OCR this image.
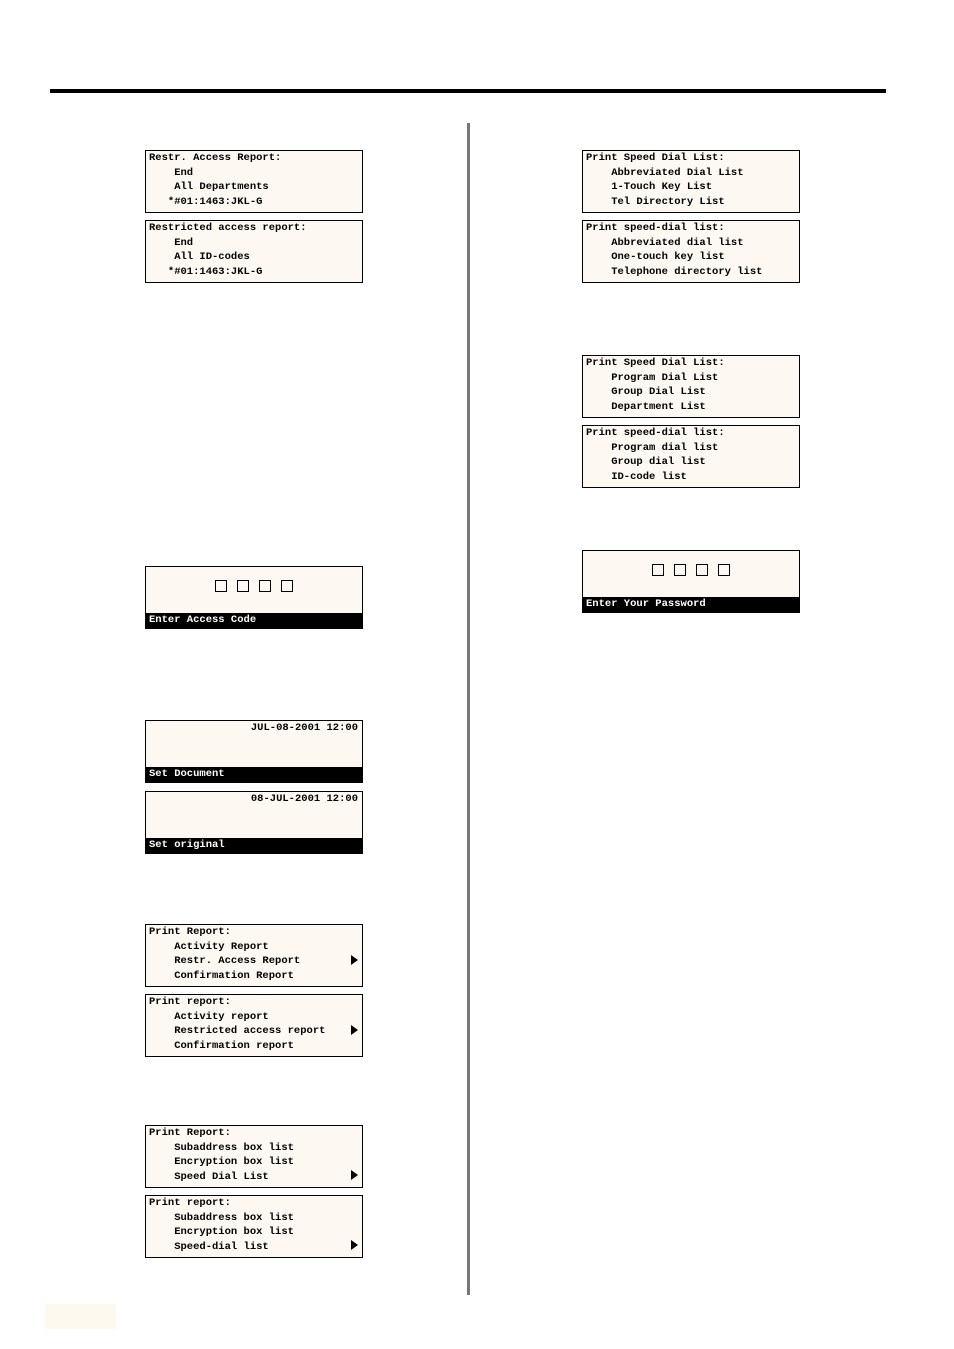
Restr. Access Report:
End
All Departments
*#01:1463:JKL-G
Restricted access report:
End
All ID-codes
*#01:1463:JKL-G
Enter Access Code
JUL-08-2001 12:00
Set Document
08-JUL-2001 12:00
Set original
Print Report:
Activity Report
Restr. Access Report
Confirmation Report
Print report:
Activity report
Restricted access report
Confirmation report
Print Report:
Subaddress box list
Encryption box list
Speed Dial List
Print report:
Subaddress box list
Encryption box list
Speed-dial list
Print Speed Dial List:
Abbreviated Dial List
1-Touch Key List
Tel Directory List
Print speed-dial list:
Abbreviated dial list
One-touch key list
Telephone directory list
Print Speed Dial List:
Program Dial List
Group Dial List
Department List
Print speed-dial list:
Program dial list
Group dial list
ID-code list
Enter Your Password
